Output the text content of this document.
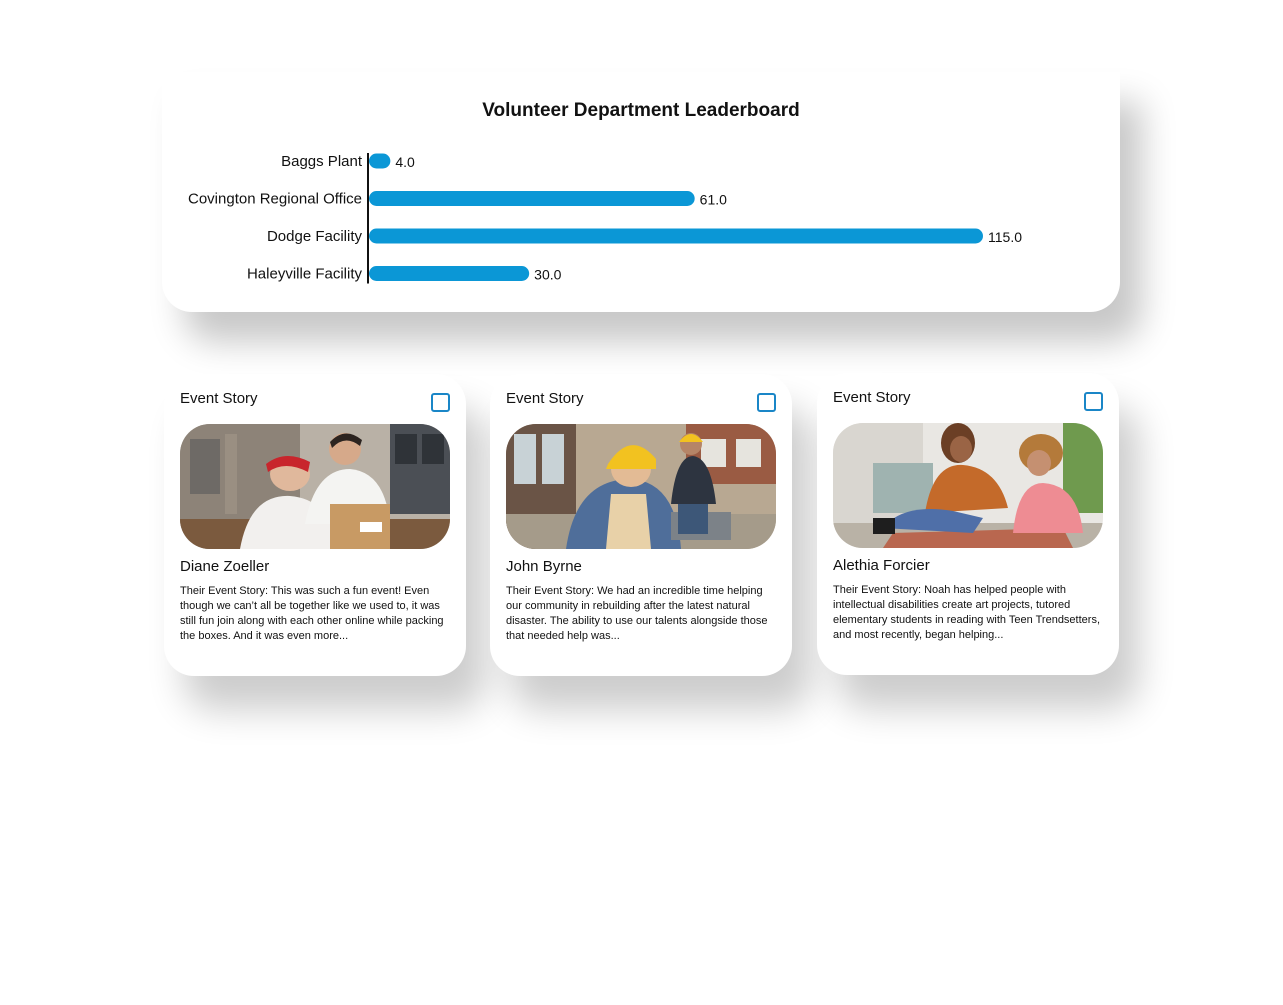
Volunteer Department Leaderboard
Baggs Plant 4.0
Covington Regional Office	61.0
Dodge Facility	115.0
Haleyville Facility	30.0
Event Story
Diane Zoeller
Their Event Story: This was such a fun event! Even though we can’t all be together like we used to, it was still fun join along with each other online while packing the boxes. And it was even more...
Event Story
John Byrne
Their Event Story: We had an incredible time helping our community in rebuilding after the latest natural disaster. The ability to use our talents alongside those that needed help was...
Event Story
Alethia Forcier
Their Event Story: Noah has helped people with intellectual disabilities create art projects, tutored elementary students in reading with Teen Trendsetters, and most recently, began helping...
